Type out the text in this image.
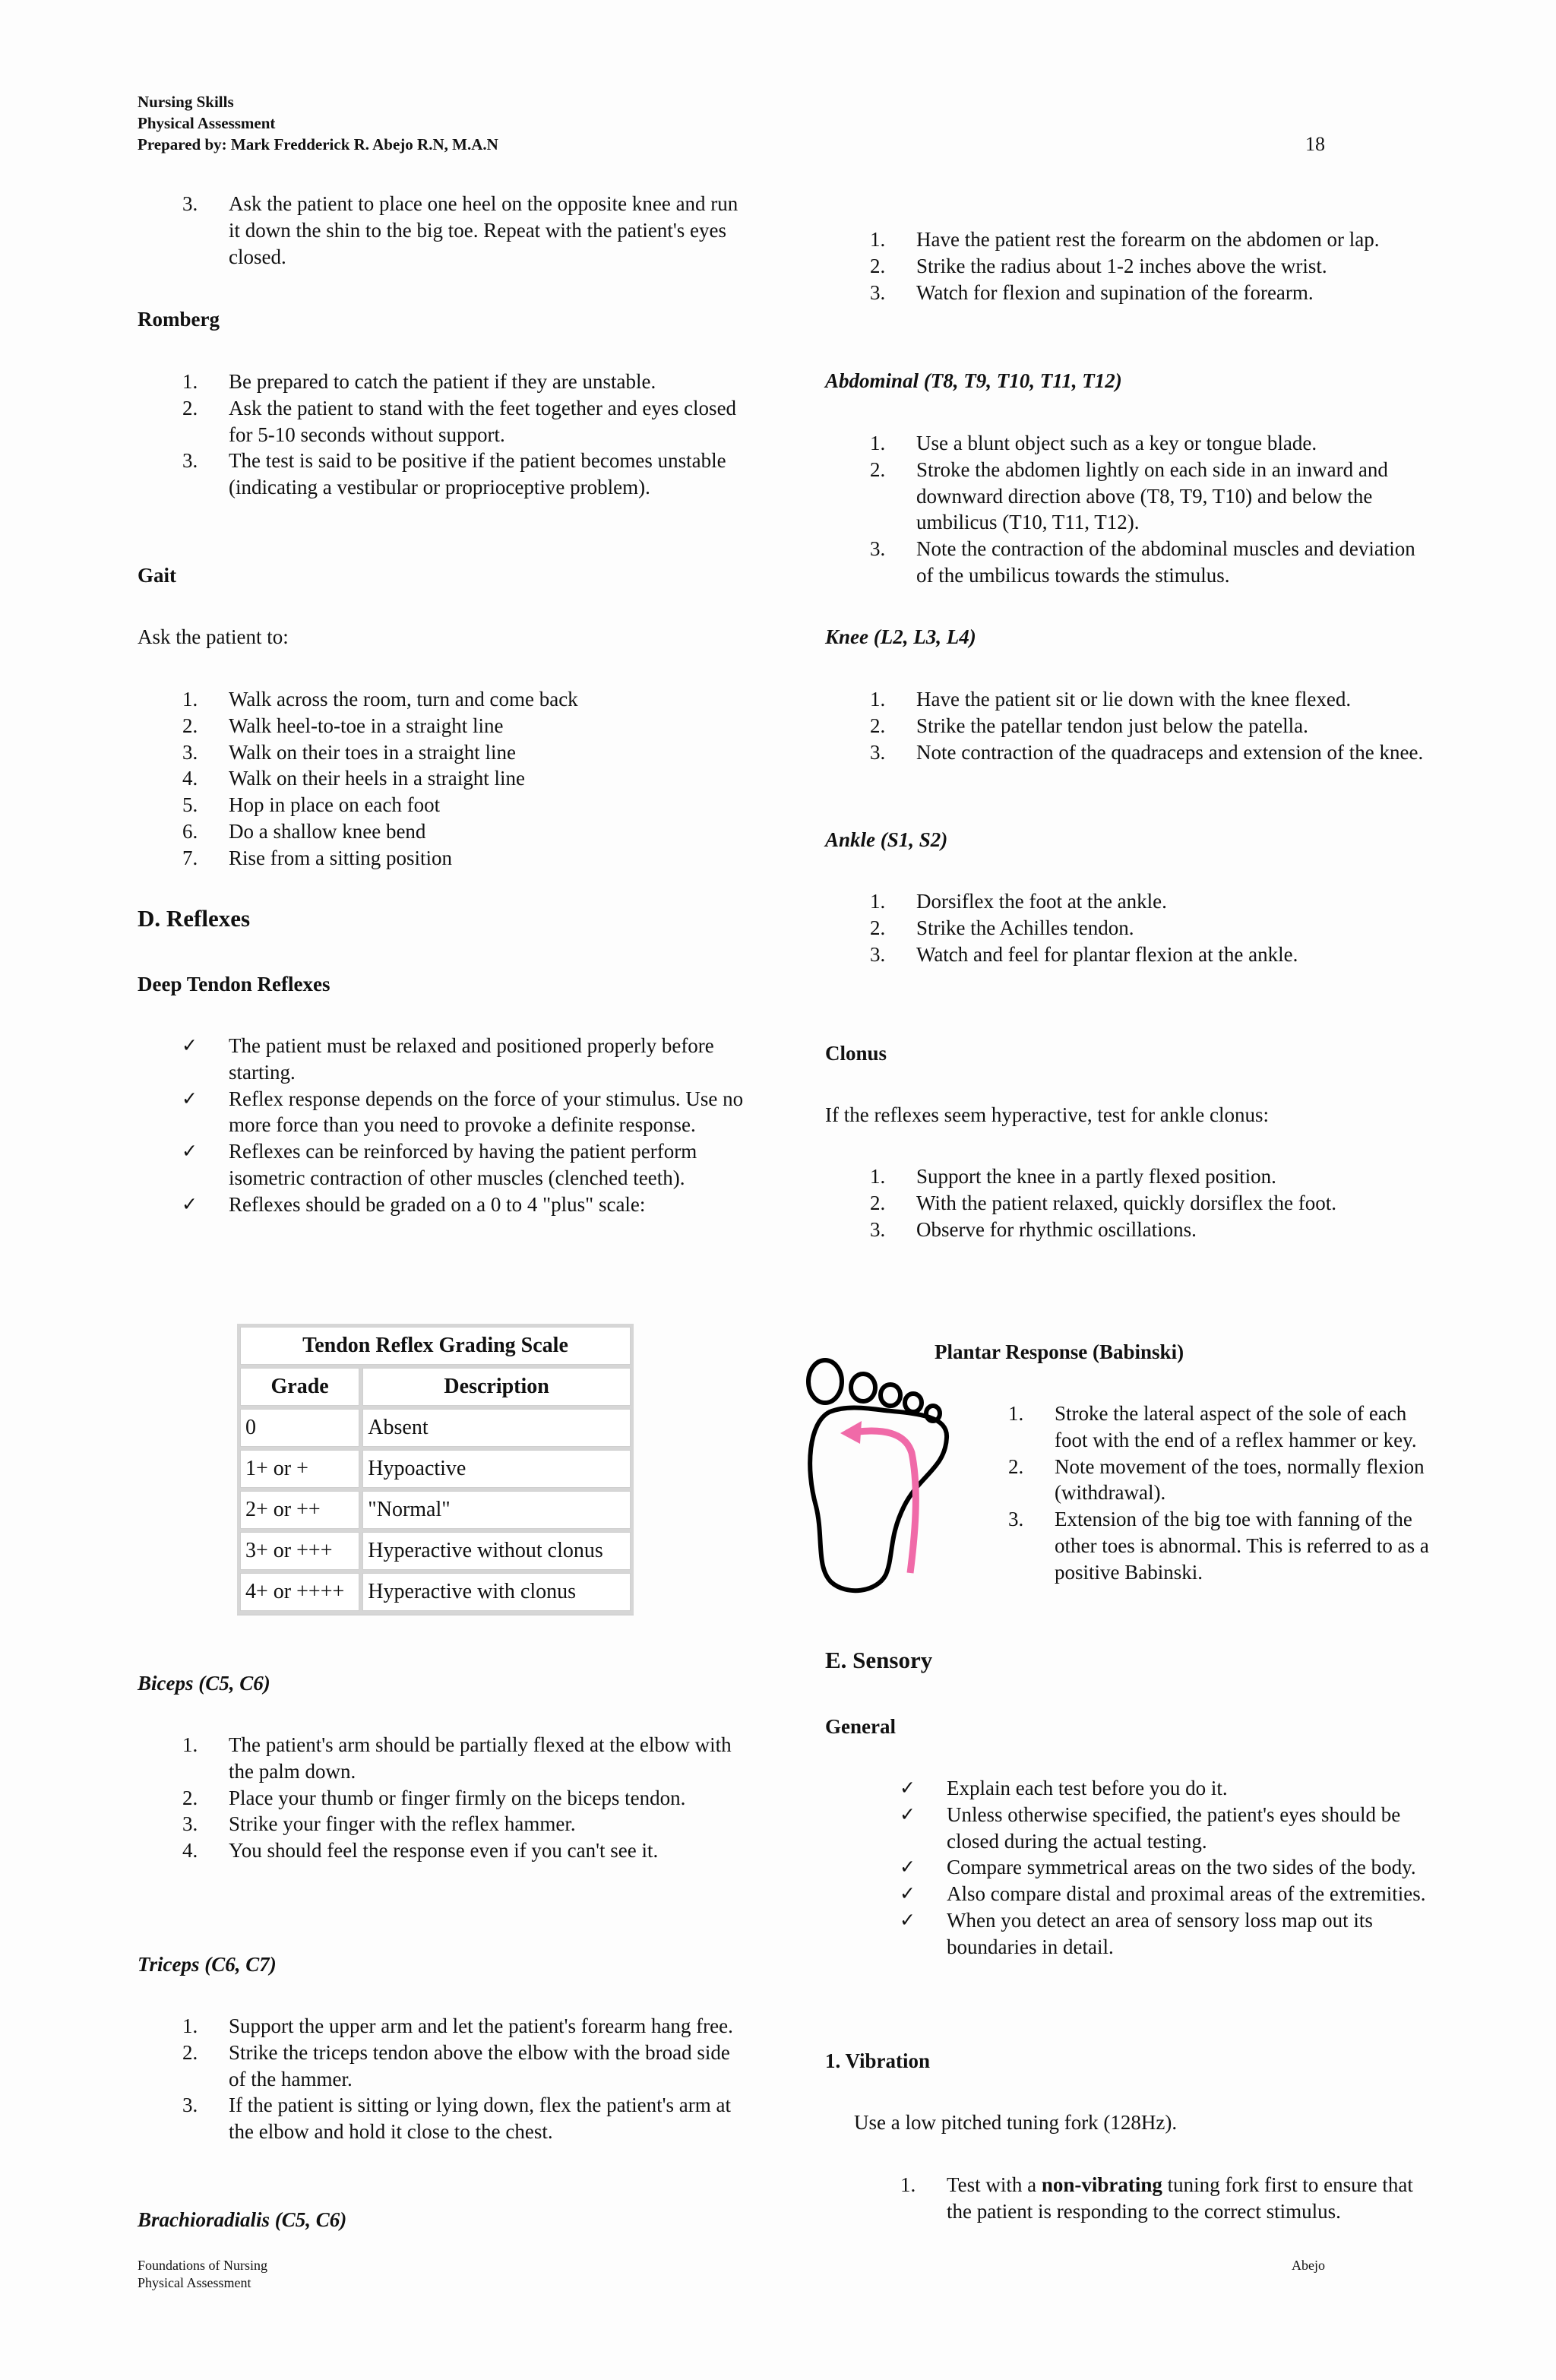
Nursing Skills
Physical Assessment
Prepared by: Mark Fredderick R. Abejo R.N, M.A.N	18
3. Ask the patient to place one heel on the opposite knee and run it down the shin to the big toe. Repeat with the patient's eyes closed.
Romberg
1. Be prepared to catch the patient if they are unstable.
2. Ask the patient to stand with the feet together and eyes closed for 5-10 seconds without support.
3. The test is said to be positive if the patient becomes unstable (indicating a vestibular or proprioceptive problem).
Gait
Ask the patient to:
1. Walk across the room, turn and come back
2. Walk heel-to-toe in a straight line
3. Walk on their toes in a straight line
4. Walk on their heels in a straight line
5. Hop in place on each foot
6. Do a shallow knee bend
7. Rise from a sitting position
D. Reflexes
Deep Tendon Reflexes
✓ The patient must be relaxed and positioned properly before starting.
✓ Reflex response depends on the force of your stimulus. Use no more force than you need to provoke a definite response.
✓ Reflexes can be reinforced by having the patient perform isometric contraction of other muscles (clenched teeth).
✓ Reflexes should be graded on a 0 to 4 "plus" scale:
Tendon Reflex Grading Scale	
Grade	Description
0	Absent
1+ or +	Hypoactive
2+ or ++	"Normal"
3+ or +++	Hyperactive without clonus
4+ or ++++	Hyperactive with clonus
Biceps (C5, C6)
1. The patient's arm should be partially flexed at the elbow with the palm down.
2. Place your thumb or finger firmly on the biceps tendon.
3. Strike your finger with the reflex hammer.
4. You should feel the response even if you can't see it.
Triceps (C6, C7)
1. Support the upper arm and let the patient's forearm hang free.
2. Strike the triceps tendon above the elbow with the broad side of the hammer.
3. If the patient is sitting or lying down, flex the patient's arm at the elbow and hold it close to the chest.
Brachioradialis (C5, C6)
1. Have the patient rest the forearm on the abdomen or lap.
2. Strike the radius about 1-2 inches above the wrist.
3. Watch for flexion and supination of the forearm.
Abdominal (T8, T9, T10, T11, T12)
1. Use a blunt object such as a key or tongue blade.
2. Stroke the abdomen lightly on each side in an inward and downward direction above (T8, T9, T10) and below the umbilicus (T10, T11, T12).
3. Note the contraction of the abdominal muscles and deviation of the umbilicus towards the stimulus.
Knee (L2, L3, L4)
1. Have the patient sit or lie down with the knee flexed.
2. Strike the patellar tendon just below the patella.
3. Note contraction of the quadraceps and extension of the knee.
Ankle (S1, S2)
1. Dorsiflex the foot at the ankle.
2. Strike the Achilles tendon.
3. Watch and feel for plantar flexion at the ankle.
Clonus
If the reflexes seem hyperactive, test for ankle clonus:
1. Support the knee in a partly flexed position.
2. With the patient relaxed, quickly dorsiflex the foot.
3. Observe for rhythmic oscillations.
Plantar Response (Babinski)
1. Stroke the lateral aspect of the sole of each foot with the end of a reflex hammer or key.
2. Note movement of the toes, normally flexion (withdrawal).
3. Extension of the big toe with fanning of the other toes is abnormal. This is referred to as a positive Babinski.
E. Sensory
General
✓ Explain each test before you do it.
✓ Unless otherwise specified, the patient's eyes should be closed during the actual testing.
✓ Compare symmetrical areas on the two sides of the body.
✓ Also compare distal and proximal areas of the extremities.
✓ When you detect an area of sensory loss map out its boundaries in detail.
1. Vibration
Use a low pitched tuning fork (128Hz).
1. Test with a non-vibrating tuning fork first to ensure that the patient is responding to the correct stimulus.
Foundations of Nursing
Physical Assessment
Abejo
